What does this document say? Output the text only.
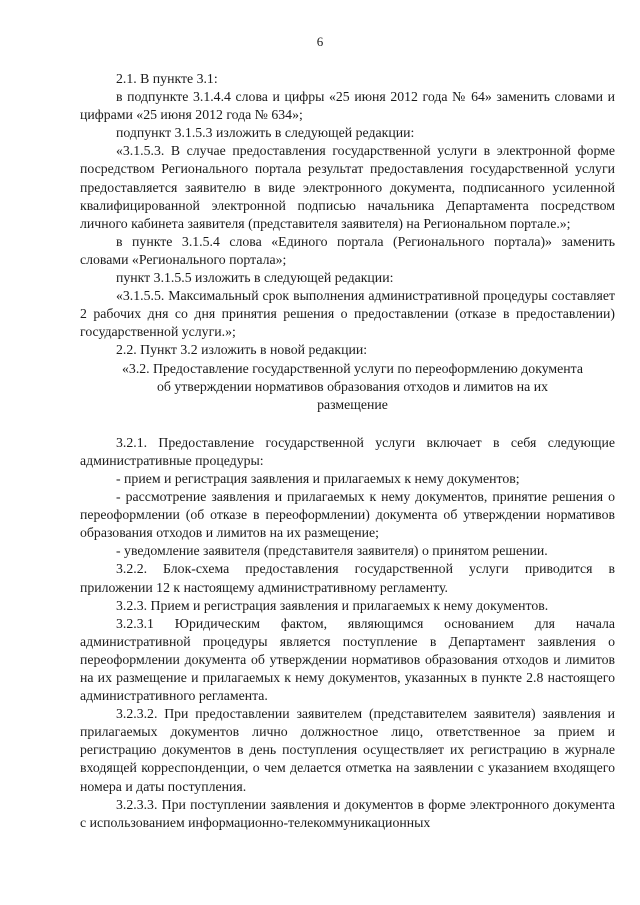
6

2.1. В пункте 3.1:

в подпункте 3.1.4.4 слова и цифры «25 июня 2012 года № 64» заменить словами и цифрами «25 июня 2012 года № 634»;

подпункт 3.1.5.3 изложить в следующей редакции:

«3.1.5.3. В случае предоставления государственной услуги в электронной форме посредством Регионального портала результат предоставления государственной услуги предоставляется заявителю в виде электронного документа, подписанного усиленной квалифицированной электронной подписью начальника Департамента посредством личного кабинета заявителя (представителя заявителя) на Региональном портале.»;

в пункте 3.1.5.4 слова «Единого портала (Регионального портала)» заменить словами «Регионального портала»;

пункт 3.1.5.5 изложить в следующей редакции:

«3.1.5.5. Максимальный срок выполнения административной процедуры составляет 2 рабочих дня со дня принятия решения о предоставлении (отказе в предоставлении) государственной услуги.»;

2.2. Пункт 3.2 изложить в новой редакции:

«3.2. Предоставление государственной услуги по переоформлению документа об утверждении нормативов образования отходов и лимитов на их размещение

3.2.1. Предоставление государственной услуги включает в себя следующие административные процедуры:

- прием и регистрация заявления и прилагаемых к нему документов;

- рассмотрение заявления и прилагаемых к нему документов, принятие решения о переоформлении (об отказе в переоформлении) документа об утверждении нормативов образования отходов и лимитов на их размещение;

- уведомление заявителя (представителя заявителя) о принятом решении.

3.2.2. Блок-схема предоставления государственной услуги приводится в приложении 12 к настоящему административному регламенту.

3.2.3. Прием и регистрация заявления и прилагаемых к нему документов.

3.2.3.1 Юридическим фактом, являющимся основанием для начала административной процедуры является поступление в Департамент заявления о переоформлении документа об утверждении нормативов образования отходов и лимитов на их размещение и прилагаемых к нему документов, указанных в пункте 2.8 настоящего административного регламента.

3.2.3.2. При предоставлении заявителем (представителем заявителя) заявления и прилагаемых документов лично должностное лицо, ответственное за прием и регистрацию документов в день поступления осуществляет их регистрацию в журнале входящей корреспонденции, о чем делается отметка на заявлении с указанием входящего номера и даты поступления.

3.2.3.3. При поступлении заявления и документов в форме электронного документа с использованием информационно-телекоммуникационных
